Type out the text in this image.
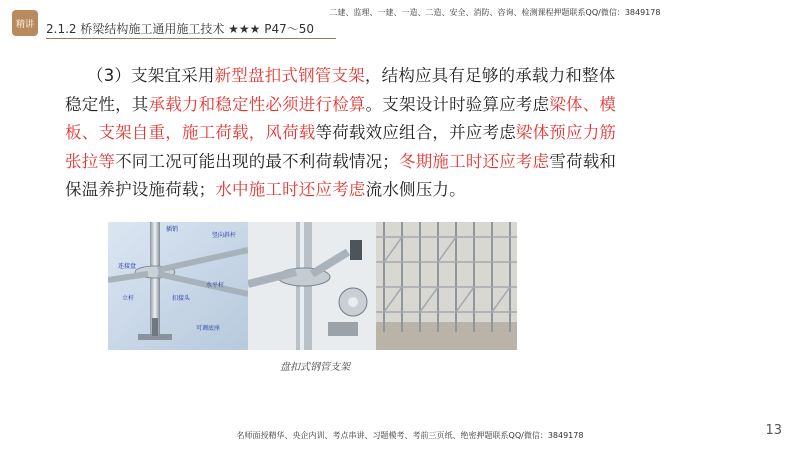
二建、监理、一建、一造、二造、安全、消防、咨询、检测课程押题联系QQ/微信：3849178
精讲 2.1.2 桥梁结构施工通用施工技术 ★★★ P47～50
（3）支架宜采用新型盘扣式钢管支架，结构应具有足够的承载力和整体稳定性，其承载力和稳定性必须进行检算。支架设计时验算应考虑梁体、模板、支架自重，施工荷载，风荷载等荷载效应组合，并应考虑梁体预应力筋张拉等不同工况可能出现的最不利荷载情况；冬期施工时还应考虑雪荷载和保温养护设施荷载；水中施工时还应考虑流水侧压力。
插销
竖向斜杆
连接盘
水平杆
立杆	扣接头
可调底座
盘扣式钢管支架
13
名师面授精华、央企内训、考点串讲、习题模考、考前三页纸、绝密押题联系QQ/微信：3849178
